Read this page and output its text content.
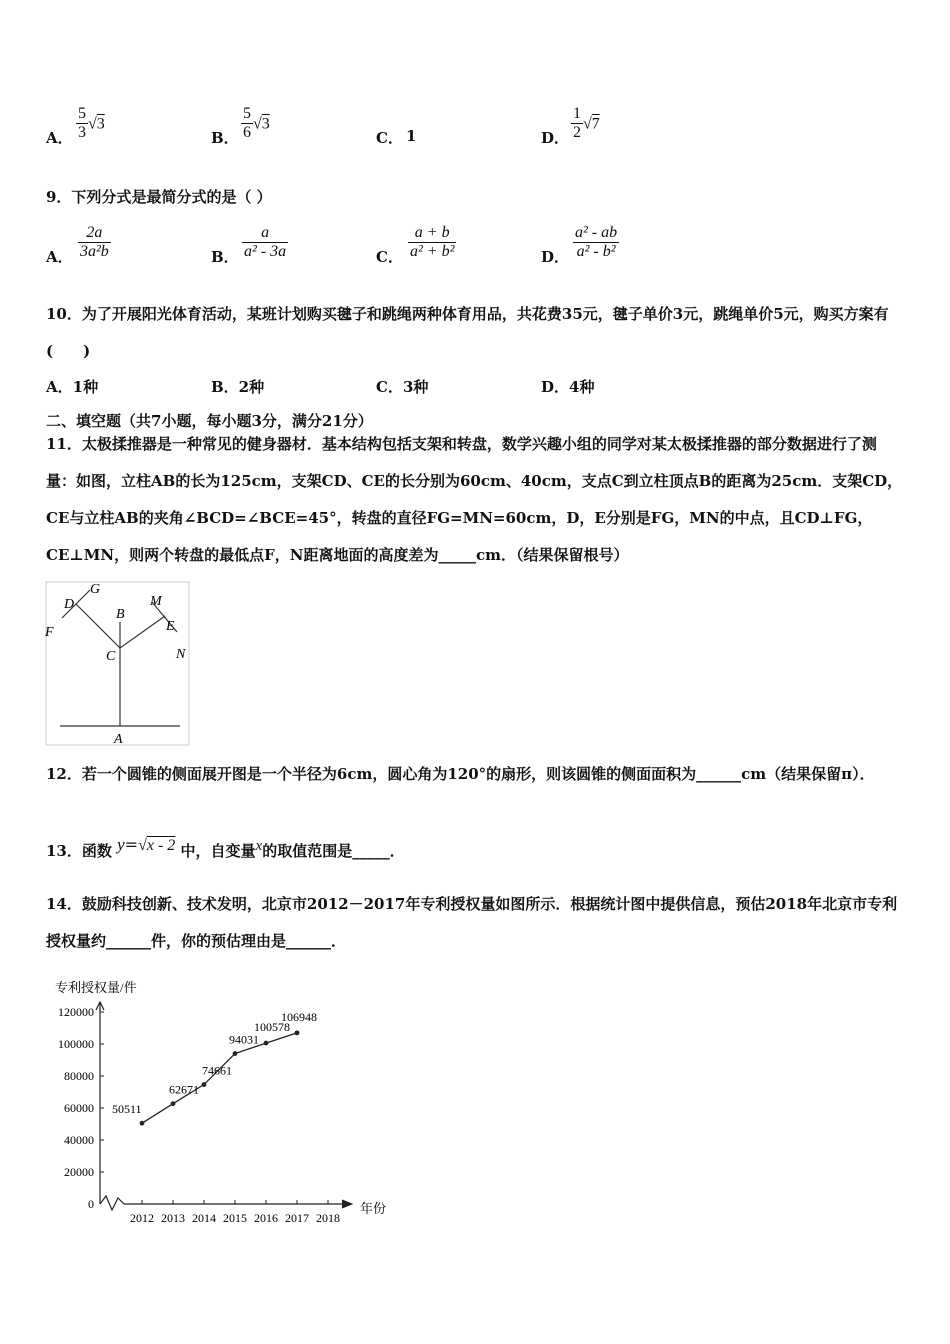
A． $\frac{5}{3} √3$
B． $\frac{5}{6} √3$
C． 1	D． $\frac{1}{2} √7$
9．下列分式是最简分式的是（ ）
A． $\frac{2a}{\text{3a²b}}$	B． $\frac{a}{\text{a² - 3a}}$	C． $\frac{a + b}{\text{a² + b²}}$	D． $\frac{\text{a² - ab}}{\text{a² - b²}}$
10．为了开展阳光体育活动，某班计划购买毽子和跳绳两种体育用品，共花费35元，毽子单价3元，跳绳单价5元，购买方案有(　　)
A．1种	B．2种	C．3种	D．4种
二、填空题（共7小题，每小题3分，满分21分）
11．太极揉推器是一种常见的健身器材．基本结构包括支架和转盘，数学兴趣小组的同学对某太极揉推器的部分数据进行了测量：如图，立柱AB的长为125cm，支架CD、CE的长分别为60cm、40cm，支点C到立柱顶点B的距离为25cm．支架CD，CE与立柱AB的夹角∠BCD=∠BCE=45°，转盘的直径FG=MN=60cm，D，E分别是FG，MN的中点，且CD⊥FG，CE⊥MN，则两个转盘的最低点F，N距离地面的高度差为_____cm．（结果保留根号）
D
G
B
M
E
F
C	N
A
12．若一个圆锥的侧面展开图是一个半径为6cm，圆心角为120°的扇形，则该圆锥的侧面面积为______cm（结果保留π）．
13．函数 y=√x - 2 中，自变量x的取值范围是_____．
14．鼓励科技创新、技术发明，北京市2012－2017年专利授权量如图所示．根据统计图中提供信息，预估2018年北京市专利授权量约______件，你的预估理由是______．
专利授权量/件
年份
0
20000
40000
60000
80000
100000
120000
2012 2013 2014 2015 2016 2017 2018
50511
62671
74661
94031
100578
106948
